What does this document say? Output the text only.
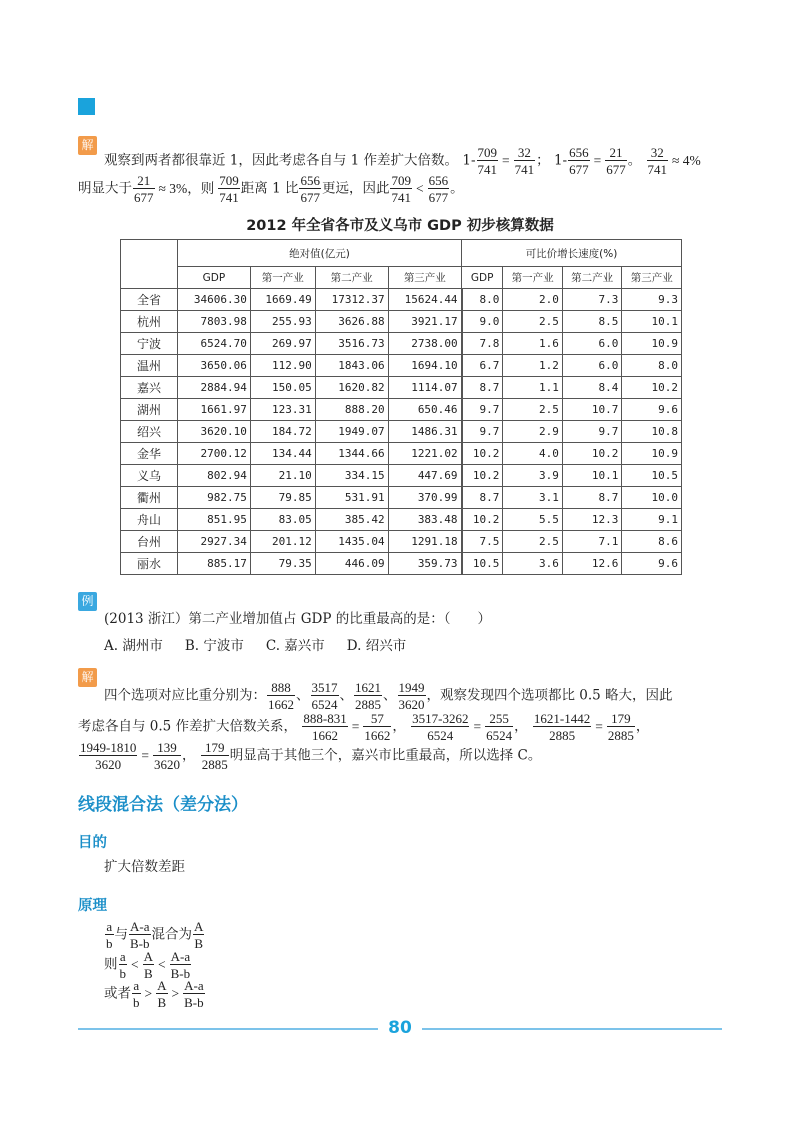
解
观察到两者都很靠近 1，因此考虑各自与 1 作差扩大倍数。 $1- \frac{709}{741} = \frac{32}{741}$ ； $1- \frac{656}{677} = \frac{21}{677}$ 。 $\frac{32}{741} \approx 4\%$
明显大于 $\frac{21}{677} \approx 3\%$，则 $\frac{709}{741}$ 距离 1 比 $\frac{656}{677}$ 更远，因此 $\frac{709}{741} < \frac{656}{677}$ 。
2012 年全省各市及义乌市 GDP 初步核算数据
	绝对值(亿元)				可比价增长速度(%)			
	GDP	第一产业	第二产业	第三产业	GDP	第一产业	第二产业	第三产业
全省	34606.30	1669.49	17312.37	15624.44	8.0	2.0	7.3	9.3
杭州	7803.98	255.93	3626.88	3921.17	9.0	2.5	8.5	10.1
宁波	6524.70	269.97	3516.73	2738.00	7.8	1.6	6.0	10.9
温州	3650.06	112.90	1843.06	1694.10	6.7	1.2	6.0	8.0
嘉兴	2884.94	150.05	1620.82	1114.07	8.7	1.1	8.4	10.2
湖州	1661.97	123.31	888.20	650.46	9.7	2.5	10.7	9.6
绍兴	3620.10	184.72	1949.07	1486.31	9.7	2.9	9.7	10.8
金华	2700.12	134.44	1344.66	1221.02	10.2	4.0	10.2	10.9
义乌	802.94	21.10	334.15	447.69	10.2	3.9	10.1	10.5
衢州	982.75	79.85	531.91	370.99	8.7	3.1	8.7	10.0
舟山	851.95	83.05	385.42	383.48	10.2	5.5	12.3	9.1
台州	2927.34	201.12	1435.04	1291.18	7.5	2.5	7.1	8.6
丽水	885.17	79.35	446.09	359.73	10.5	3.6	12.6	9.6
例
(2013 浙江）第二产业增加值占 GDP 的比重最高的是：（　　）
A. 湖州市 B. 宁波市 C. 嘉兴市 D. 绍兴市
解
四个选项对应比重分别为： $\frac{888}{1662}$ 、 $\frac{3517}{6524}$ 、 $\frac{1621}{2885}$ 、 $\frac{1949}{3620}$ ，观察发现四个选项都比 0.5 略大，因此
考虑各自与 0.5 作差扩大倍数关系， $\frac{888-831}{1662} = \frac{57}{1662}$ ， $\frac{3517-3262}{6524} = \frac{255}{6524}$ ， $\frac{1621-1442}{2885} = \frac{179}{2885}$ ，
$\frac{1949-1810}{3620} = \frac{139}{3620}$ ， $\frac{179}{2885}$ 明显高于其他三个，嘉兴市比重最高，所以选择 C。
线段混合法（差分法）
目的
扩大倍数差距
原理
$\frac{a}{b}$ 与 $\frac{A-a}{B-b}$ 混合为 $\frac{A}{B}$
则 $\frac{a}{b} < \frac{A}{B} < \frac{A-a}{B-b}$
或者 $\frac{a}{b} > \frac{A}{B} > \frac{A-a}{B-b}$
80
